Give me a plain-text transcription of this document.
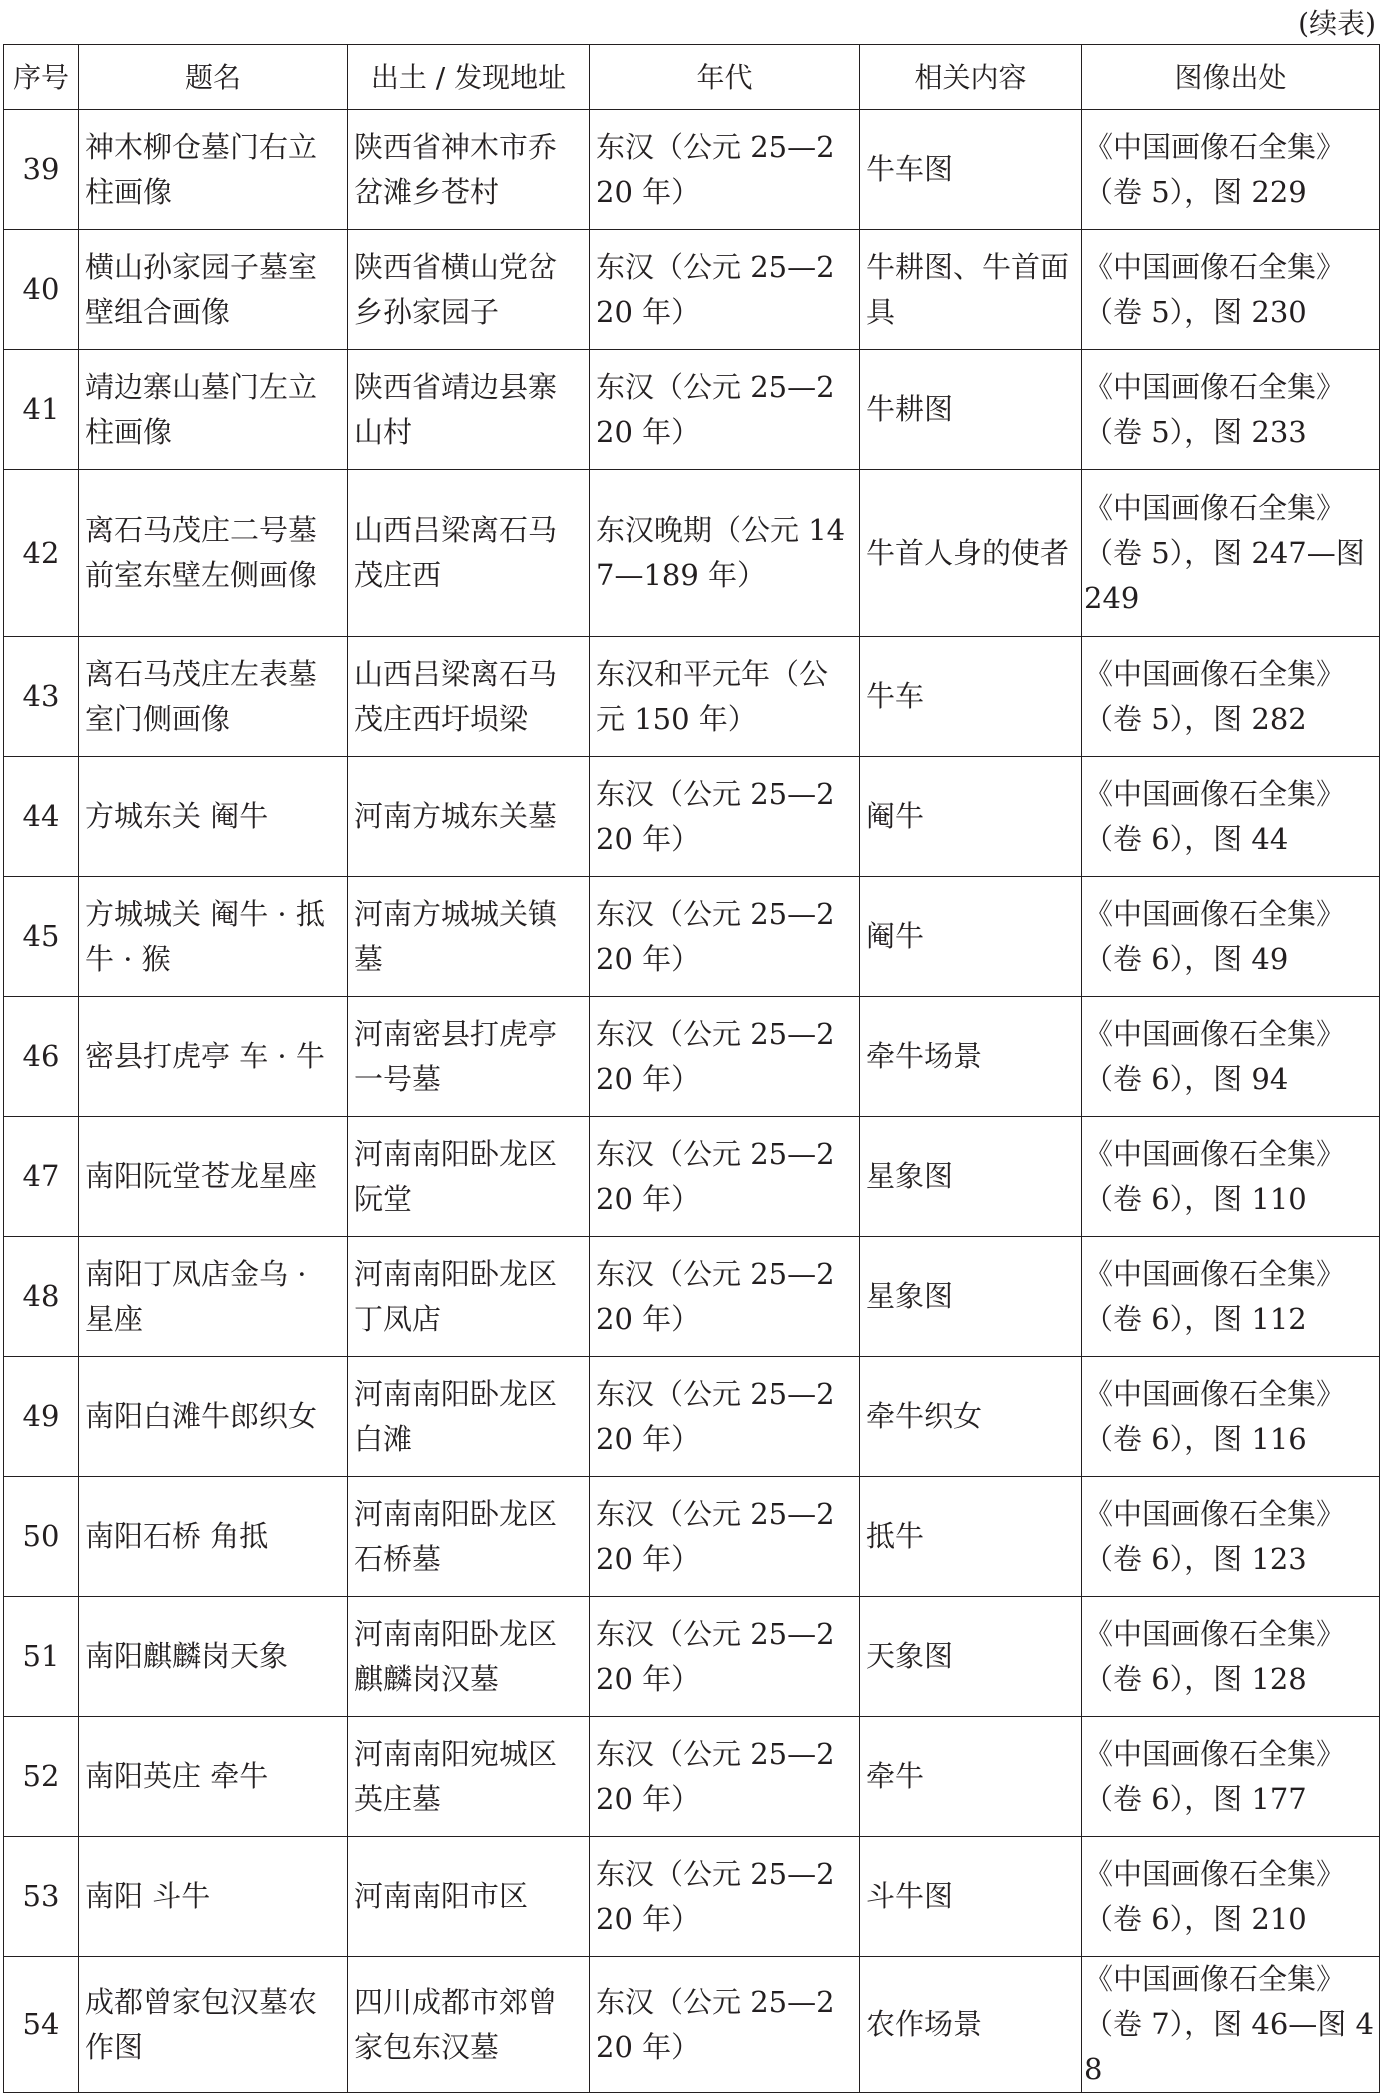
(续表)
序号	题名	出土 / 发现地址	年代	相关内容	图像出处
39	神木柳仓墓门右立柱画像	陕西省神木市乔岔滩乡苍村	东汉（公元 25—220 年）	牛车图	《中国画像石全集》（卷 5），图 229
40	横山孙家园子墓室壁组合画像	陕西省横山党岔乡孙家园子	东汉（公元 25—220 年）	牛耕图、牛首面具	《中国画像石全集》（卷 5），图 230
41	靖边寨山墓门左立柱画像	陕西省靖边县寨山村	东汉（公元 25—220 年）	牛耕图	《中国画像石全集》（卷 5），图 233
42	离石马茂庄二号墓前室东壁左侧画像	山西吕梁离石马茂庄西	东汉晚期（公元 147—189 年）	牛首人身的使者	《中国画像石全集》（卷 5），图 247—图 249
43	离石马茂庄左表墓室门侧画像	山西吕梁离石马茂庄西圩埙梁	东汉和平元年（公元 150 年）	牛车	《中国画像石全集》（卷 5），图 282
44	方城东关 阉牛	河南方城东关墓	东汉（公元 25—220 年）	阉牛	《中国画像石全集》（卷 6），图 44
45	方城城关 阉牛 · 抵牛 · 猴	河南方城城关镇墓	东汉（公元 25—220 年）	阉牛	《中国画像石全集》（卷 6），图 49
46	密县打虎亭 车 · 牛	河南密县打虎亭一号墓	东汉（公元 25—220 年）	牵牛场景	《中国画像石全集》（卷 6），图 94
47	南阳阮堂苍龙星座	河南南阳卧龙区阮堂	东汉（公元 25—220 年）	星象图	《中国画像石全集》（卷 6），图 110
48	南阳丁凤店金乌 · 星座	河南南阳卧龙区丁凤店	东汉（公元 25—220 年）	星象图	《中国画像石全集》（卷 6），图 112
49	南阳白滩牛郎织女	河南南阳卧龙区白滩	东汉（公元 25—220 年）	牵牛织女	《中国画像石全集》（卷 6），图 116
50	南阳石桥 角抵	河南南阳卧龙区石桥墓	东汉（公元 25—220 年）	抵牛	《中国画像石全集》（卷 6），图 123
51	南阳麒麟岗天象	河南南阳卧龙区麒麟岗汉墓	东汉（公元 25—220 年）	天象图	《中国画像石全集》（卷 6），图 128
52	南阳英庄 牵牛	河南南阳宛城区英庄墓	东汉（公元 25—220 年）	牵牛	《中国画像石全集》（卷 6），图 177
53	南阳 斗牛	河南南阳市区	东汉（公元 25—220 年）	斗牛图	《中国画像石全集》（卷 6），图 210
54	成都曾家包汉墓农作图	四川成都市郊曾家包东汉墓	东汉（公元 25—220 年）	农作场景	《中国画像石全集》（卷 7），图 46—图 48
